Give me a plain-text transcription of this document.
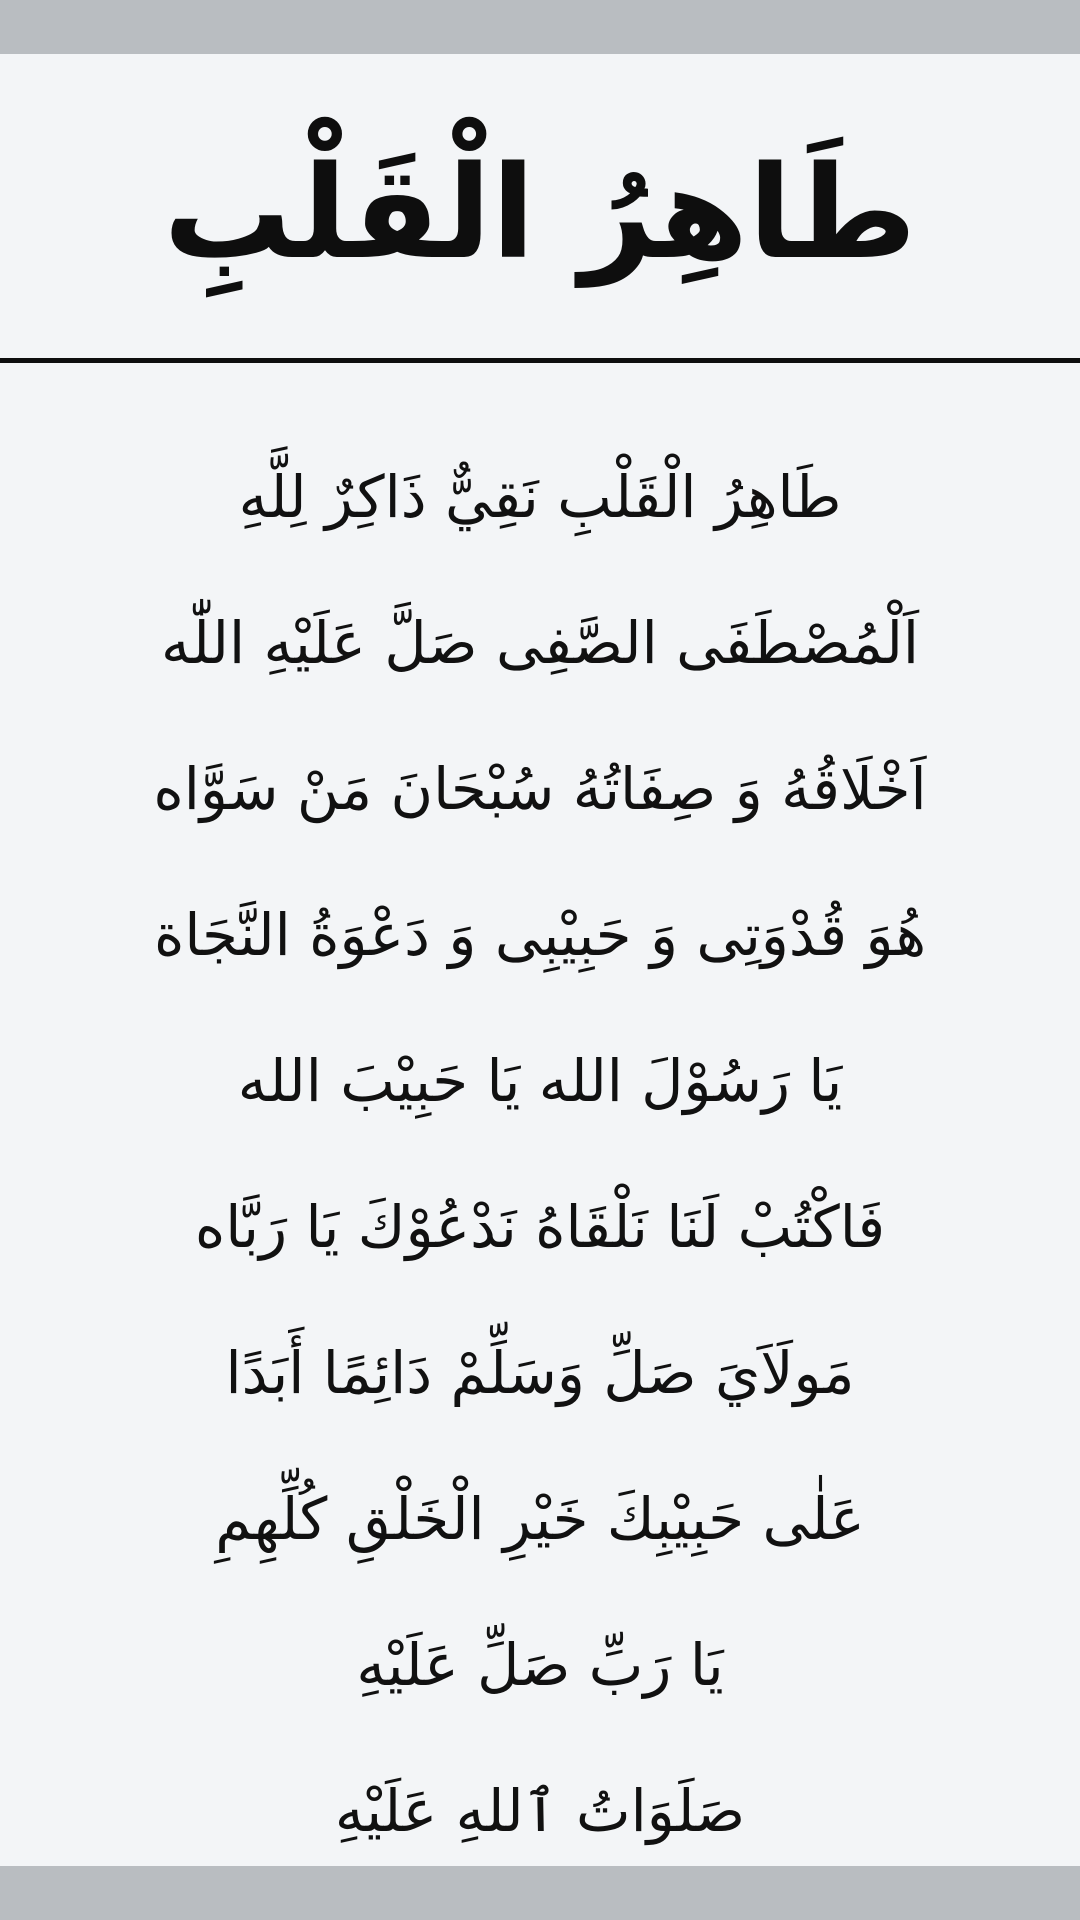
طَاهِرُ الْقَلْبِ
طَاهِرُ الْقَلْبِ نَقِيٌّ ذَاكِرٌ لِلَّهِ
اَلْمُصْطَفَى الصَّفِى صَلَّ عَلَيْهِ اللّٰه
اَخْلَاقُهُ وَ صِفَاتُهُ سُبْحَانَ مَنْ سَوَّاه
هُوَ قُدْوَتِى وَ حَبِيْبِى وَ دَعْوَةُ النَّجَاة
يَا رَسُوْلَ الله يَا حَبِيْبَ الله
فَاكْتُبْ لَنَا نَلْقَاهُ نَدْعُوْكَ يَا رَبَّاه
مَولَاَيَ صَلِّ وَسَلِّمْ دَائِمًا أَبَدًا
عَلٰى حَبِيْبِكَ خَيْرِ الْخَلْقِ كُلِّهِمِ
يَا رَبِّ صَلِّ عَلَيْهِ
صَلَوَاتُ ٱللهِ عَلَيْهِ
